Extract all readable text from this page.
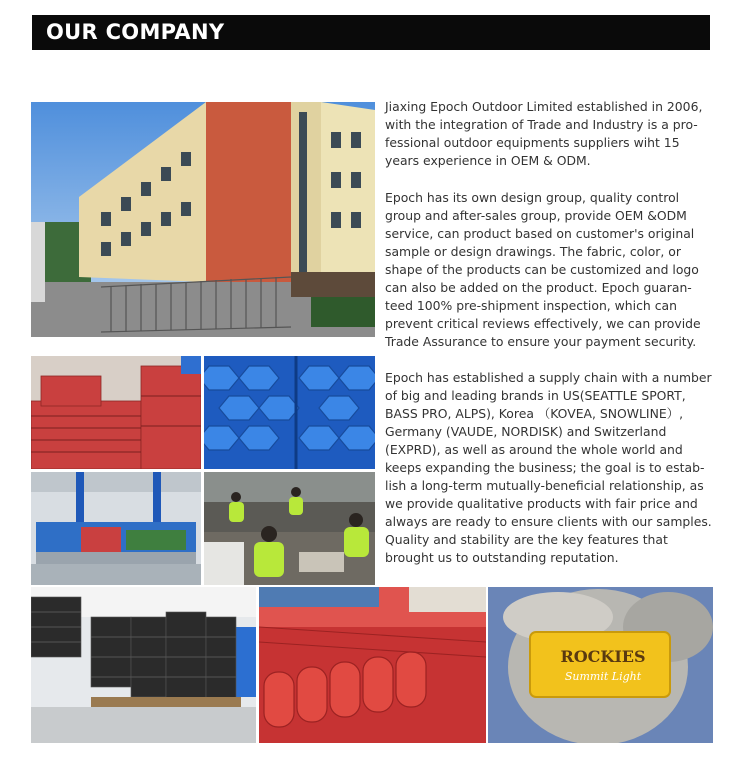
OUR COMPANY
ROCKIES
Summit Light

Jiaxing Epoch Outdoor Limited established in 2006, with the integration of Trade and Industry is a pro-fessional outdoor equipments suppliers wiht 15 years experience in OEM & ODM.

Epoch has its own design group, quality control group and after-sales group, provide OEM &ODM service, can product based on customer's original sample or design drawings. The fabric, color, or shape of the products can be customized and logo can also be added on the product. Epoch guaran-teed 100% pre-shipment inspection, which can prevent critical reviews effectively, we can provide Trade Assurance to ensure your payment security.

Epoch has established a supply chain with a number of big and leading brands in US(SEATTLE SPORT, BASS PRO, ALPS), Korea （KOVEA, SNOWLINE）, Germany (VAUDE, NORDISK) and Switzerland (EXPRD), as well as around the whole world and keeps expanding the business; the goal is to estab-lish a long-term mutually-beneficial relationship, as we provide qualitative products with fair price and always are ready to ensure clients with our samples. Quality and stability are the key features that brought us to outstanding reputation.
